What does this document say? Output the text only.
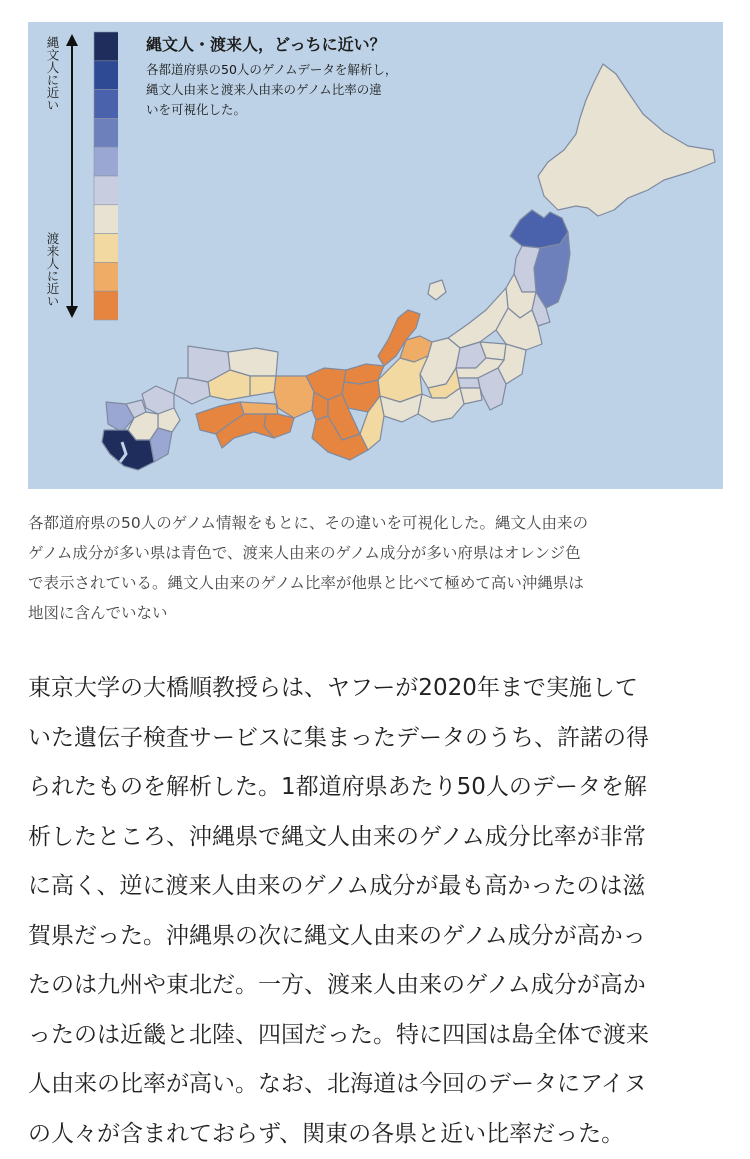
縄文人に近い
渡来人に近い
縄文人・渡来人，どっちに近い？
各都道府県の50人のゲノムデータを解析し，
縄文人由来と渡来人由来のゲノム比率の違
いを可視化した。

各都道府県の50人のゲノム情報をもとに、その違いを可視化した。縄文人由来の

ゲノム成分が多い県は青色で、渡来人由来のゲノム成分が多い府県はオレンジ色

で表示されている。縄文人由来のゲノム比率が他県と比べて極めて高い沖縄県は

地図に含んでいない

東京大学の大橋順教授らは、ヤフーが2020年まで実施して

いた遺伝子検査サービスに集まったデータのうち、許諾の得

られたものを解析した。1都道府県あたり50人のデータを解

析したところ、沖縄県で縄文人由来のゲノム成分比率が非常

に高く、逆に渡来人由来のゲノム成分が最も高かったのは滋

賀県だった。沖縄県の次に縄文人由来のゲノム成分が高かっ

たのは九州や東北だ。一方、渡来人由来のゲノム成分が高か

ったのは近畿と北陸、四国だった。特に四国は島全体で渡来

人由来の比率が高い。なお、北海道は今回のデータにアイヌ

の人々が含まれておらず、関東の各県と近い比率だった。
